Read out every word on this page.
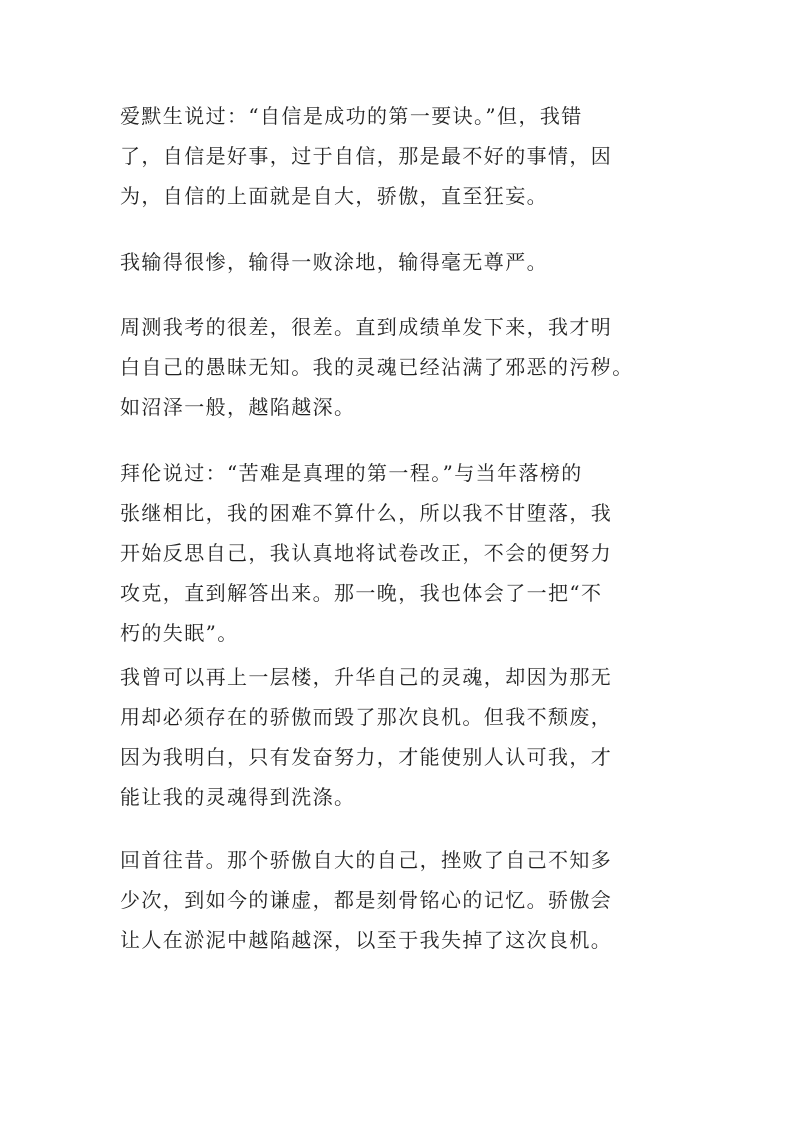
爱默生说过：“自信是成功的第一要诀。”但，我错
了，自信是好事，过于自信，那是最不好的事情，因
为，自信的上面就是自大，骄傲，直至狂妄。
我输得很惨，输得一败涂地，输得毫无尊严。
周测我考的很差，很差。直到成绩单发下来，我才明
白自己的愚昧无知。我的灵魂已经沾满了邪恶的污秽。
如沼泽一般，越陷越深。
拜伦说过：“苦难是真理的第一程。”与当年落榜的
张继相比，我的困难不算什么，所以我不甘堕落，我
开始反思自己，我认真地将试卷改正，不会的便努力
攻克，直到解答出来。那一晚，我也体会了一把“不
朽的失眠”。
我曾可以再上一层楼，升华自己的灵魂，却因为那无
用却必须存在的骄傲而毁了那次良机。但我不颓废，
因为我明白，只有发奋努力，才能使别人认可我，才
能让我的灵魂得到洗涤。
回首往昔。那个骄傲自大的自己，挫败了自己不知多
少次，到如今的谦虚，都是刻骨铭心的记忆。骄傲会
让人在淤泥中越陷越深，以至于我失掉了这次良机。
